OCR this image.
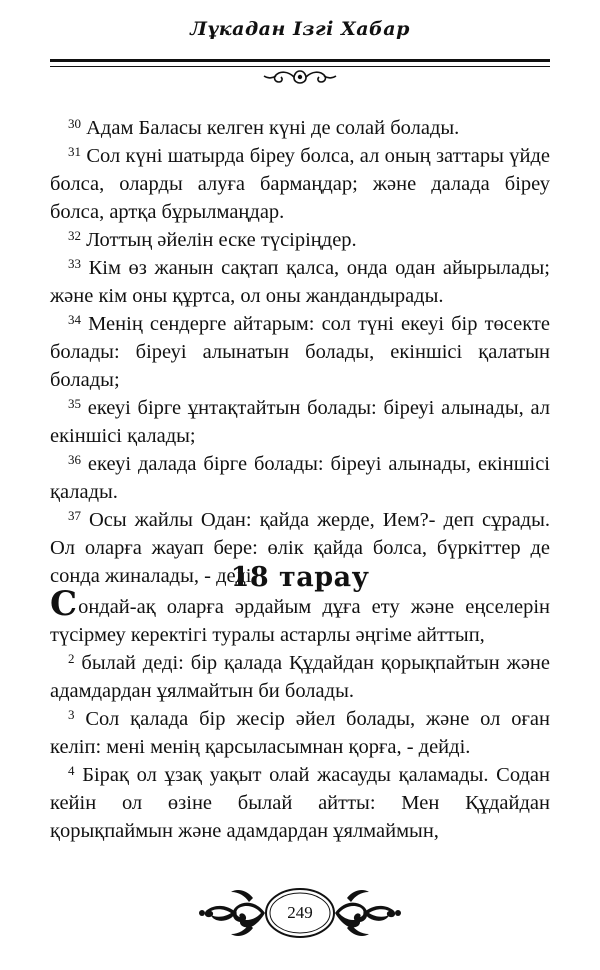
Лұкадан Ізгі Хабар

$^{30}$ Адам Баласы келген күні де солай болады.

$^{31}$ Сол күні шатырда біреу болса, ал оның заттары үйде болса, оларды алуға бармаңдар; және далада біреу болса, артқа бұрылмаңдар.

$^{32}$ Лоттың әйелін еске түсіріңдер.

$^{33}$ Кім өз жанын сақтап қалса, онда одан айырылады; және кім оны құртса, ол оны жандандырады.

$^{34}$ Менің сендерге айтарым: сол түні екеуі бір төсекте болады: біреуі алынатын болады, екіншісі қалатын болады;

$^{35}$ екеуі бірге ұнтақтайтын болады: біреуі алынады, ал екіншісі қалады;

$^{36}$ екеуі далада бірге болады: біреуі алынады, екіншісі қалады.

$^{37}$ Осы жайлы Одан: қайда жерде, Ием?- деп сұрады. Ол оларға жауап бере: өлік қайда болса, бүркіттер де сонда жиналады, - деді.

18 тарау

Сондай-ақ оларға әрдайым дұға ету және еңселерін түсірмеу керектігі туралы астарлы әңгіме айттып,

$^2$ былай деді: бір қалада Құдайдан қорықпайтын және адамдардан ұялмайтын би болады.

$^3$ Сол қалада бір жесір әйел болады, және ол оған келіп: мені менің қарсыласымнан қорға, - дейді.

$^4$ Бірақ ол ұзақ уақыт олай жасауды қаламады. Содан кейін ол өзіне былай айтты: Мен Құдайдан қорықпаймын және адамдардан ұялмаймын,

249
